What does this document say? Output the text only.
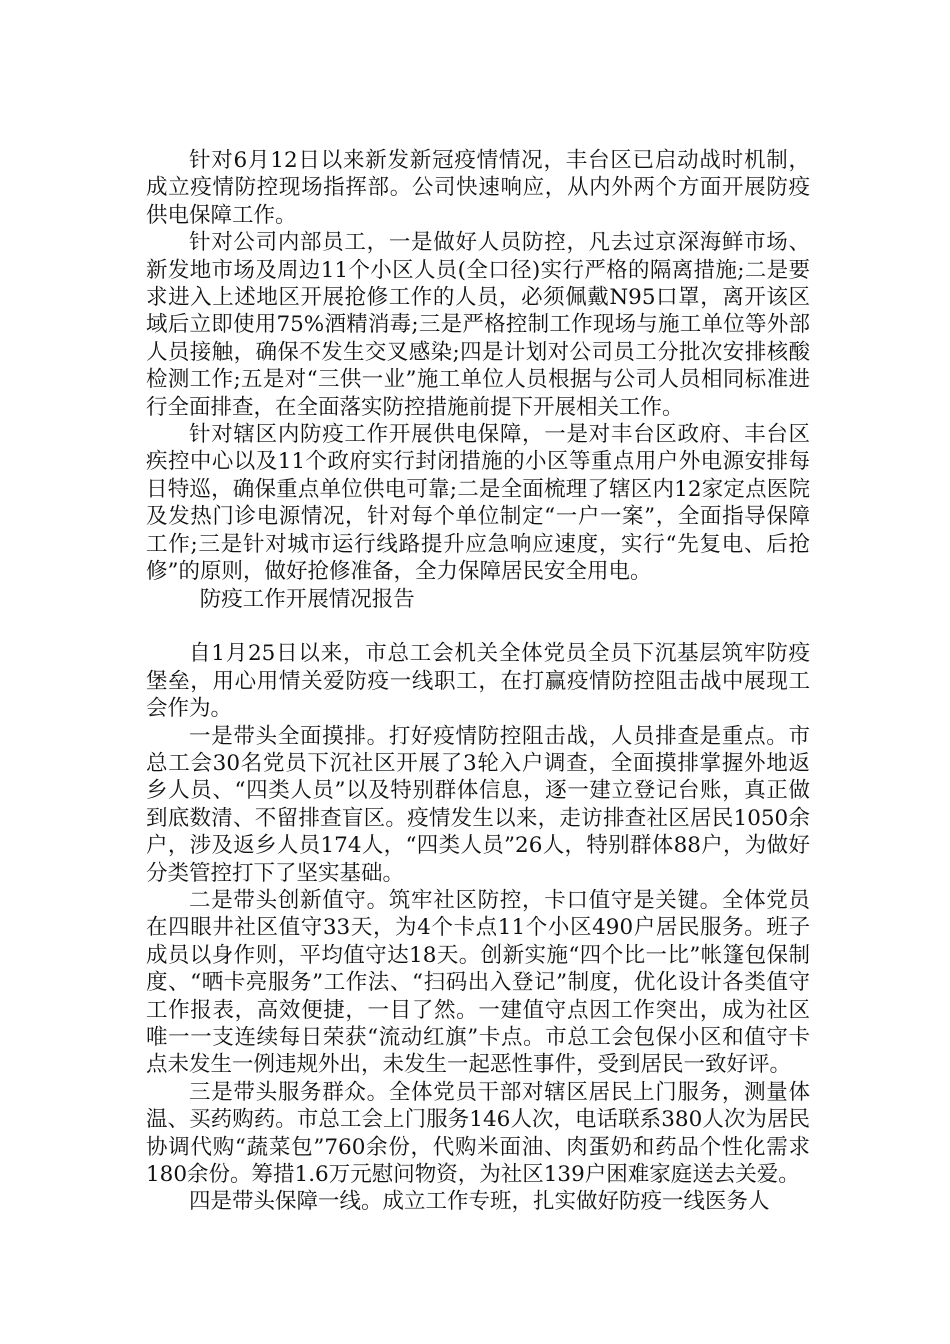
针对6月12日以来新发新冠疫情情况，丰台区已启动战时机制，成立疫情防控现场指挥部。公司快速响应，从内外两个方面开展防疫供电保障工作。

针对公司内部员工，一是做好人员防控，凡去过京深海鲜市场、新发地市场及周边11个小区人员(全口径)实行严格的隔离措施;二是要求进入上述地区开展抢修工作的人员，必须佩戴N95口罩，离开该区域后立即使用75%酒精消毒;三是严格控制工作现场与施工单位等外部人员接触，确保不发生交叉感染;四是计划对公司员工分批次安排核酸检测工作;五是对“三供一业”施工单位人员根据与公司人员相同标准进行全面排查，在全面落实防控措施前提下开展相关工作。

针对辖区内防疫工作开展供电保障，一是对丰台区政府、丰台区疾控中心以及11个政府实行封闭措施的小区等重点用户外电源安排每日特巡，确保重点单位供电可靠;二是全面梳理了辖区内12家定点医院及发热门诊电源情况，针对每个单位制定“一户一案”，全面指导保障工作;三是针对城市运行线路提升应急响应速度，实行“先复电、后抢修”的原则，做好抢修准备，全力保障居民安全用电。

防疫工作开展情况报告

自1月25日以来，市总工会机关全体党员全员下沉基层筑牢防疫堡垒，用心用情关爱防疫一线职工，在打赢疫情防控阻击战中展现工会作为。

一是带头全面摸排。打好疫情防控阻击战，人员排查是重点。市总工会30名党员下沉社区开展了3轮入户调查，全面摸排掌握外地返乡人员、“四类人员”以及特别群体信息，逐一建立登记台账，真正做到底数清、不留排查盲区。疫情发生以来，走访排查社区居民1050余户，涉及返乡人员174人，“四类人员”26人，特别群体88户，为做好分类管控打下了坚实基础。

二是带头创新值守。筑牢社区防控，卡口值守是关键。全体党员在四眼井社区值守33天，为4个卡点11个小区490户居民服务。班子成员以身作则，平均值守达18天。创新实施“四个比一比”帐篷包保制度、“晒卡亮服务”工作法、“扫码出入登记”制度，优化设计各类值守工作报表，高效便捷，一目了然。一建值守点因工作突出，成为社区唯一一支连续每日荣获“流动红旗”卡点。市总工会包保小区和值守卡点未发生一例违规外出，未发生一起恶性事件，受到居民一致好评。

三是带头服务群众。全体党员干部对辖区居民上门服务，测量体温、买药购药。市总工会上门服务146人次，电话联系380人次为居民协调代购“蔬菜包”760余份，代购米面油、肉蛋奶和药品个性化需求180余份。筹措1.6万元慰问物资，为社区139户困难家庭送去关爱。

四是带头保障一线。成立工作专班，扎实做好防疫一线医务人
